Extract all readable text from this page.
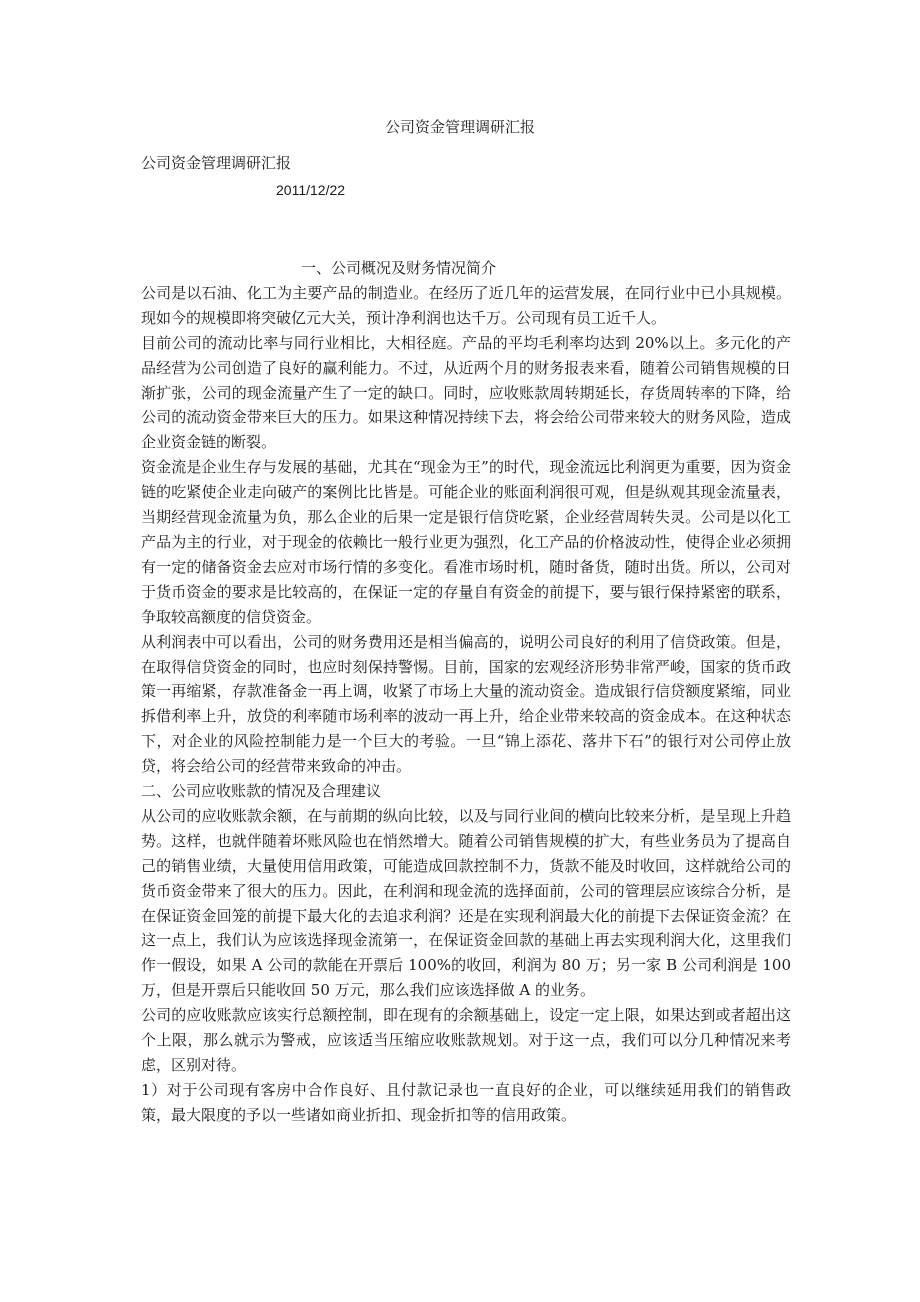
公司资金管理调研汇报

公司资金管理调研汇报

2011/12/22

一、公司概况及财务情况简介

公司是以石油、化工为主要产品的制造业。在经历了近几年的运营发展，在同行业中已小具规模。现如今的规模即将突破亿元大关，预计净利润也达千万。公司现有员工近千人。

目前公司的流动比率与同行业相比，大相径庭。产品的平均毛利率均达到 20%以上。多元化的产品经营为公司创造了良好的赢利能力。不过，从近两个月的财务报表来看，随着公司销售规模的日渐扩张，公司的现金流量产生了一定的缺口。同时，应收账款周转期延长，存货周转率的下降，给公司的流动资金带来巨大的压力。如果这种情况持续下去，将会给公司带来较大的财务风险，造成企业资金链的断裂。

资金流是企业生存与发展的基础，尤其在“现金为王”的时代，现金流远比利润更为重要，因为资金链的吃紧使企业走向破产的案例比比皆是。可能企业的账面利润很可观，但是纵观其现金流量表，当期经营现金流量为负，那么企业的后果一定是银行信贷吃紧，企业经营周转失灵。公司是以化工产品为主的行业，对于现金的依赖比一般行业更为强烈，化工产品的价格波动性，使得企业必须拥有一定的储备资金去应对市场行情的多变化。看准市场时机，随时备货，随时出货。所以，公司对于货币资金的要求是比较高的，在保证一定的存量自有资金的前提下，要与银行保持紧密的联系，争取较高额度的信贷资金。

从利润表中可以看出，公司的财务费用还是相当偏高的，说明公司良好的利用了信贷政策。但是，在取得信贷资金的同时，也应时刻保持警惕。目前，国家的宏观经济形势非常严峻，国家的货币政策一再缩紧，存款准备金一再上调，收紧了市场上大量的流动资金。造成银行信贷额度紧缩，同业拆借利率上升，放贷的利率随市场利率的波动一再上升，给企业带来较高的资金成本。在这种状态下，对企业的风险控制能力是一个巨大的考验。一旦“锦上添花、落井下石”的银行对公司停止放贷，将会给公司的经营带来致命的冲击。

二、公司应收账款的情况及合理建议

从公司的应收账款余额，在与前期的纵向比较，以及与同行业间的横向比较来分析，是呈现上升趋势。这样，也就伴随着坏账风险也在悄然增大。随着公司销售规模的扩大，有些业务员为了提高自己的销售业绩，大量使用信用政策，可能造成回款控制不力，货款不能及时收回，这样就给公司的货币资金带来了很大的压力。因此，在利润和现金流的选择面前，公司的管理层应该综合分析，是在保证资金回笼的前提下最大化的去追求利润？还是在实现利润最大化的前提下去保证资金流？在这一点上，我们认为应该选择现金流第一，在保证资金回款的基础上再去实现利润大化，这里我们作一假设，如果 A 公司的款能在开票后 100%的收回，利润为 80 万；另一家 B 公司利润是 100 万，但是开票后只能收回 50 万元，那么我们应该选择做 A 的业务。

公司的应收账款应该实行总额控制，即在现有的余额基础上，设定一定上限，如果达到或者超出这个上限，那么就示为警戒，应该适当压缩应收账款规划。对于这一点，我们可以分几种情况来考虑，区别对待。

1）对于公司现有客房中合作良好、且付款记录也一直良好的企业，可以继续延用我们的销售政策，最大限度的予以一些诸如商业折扣、现金折扣等的信用政策。
